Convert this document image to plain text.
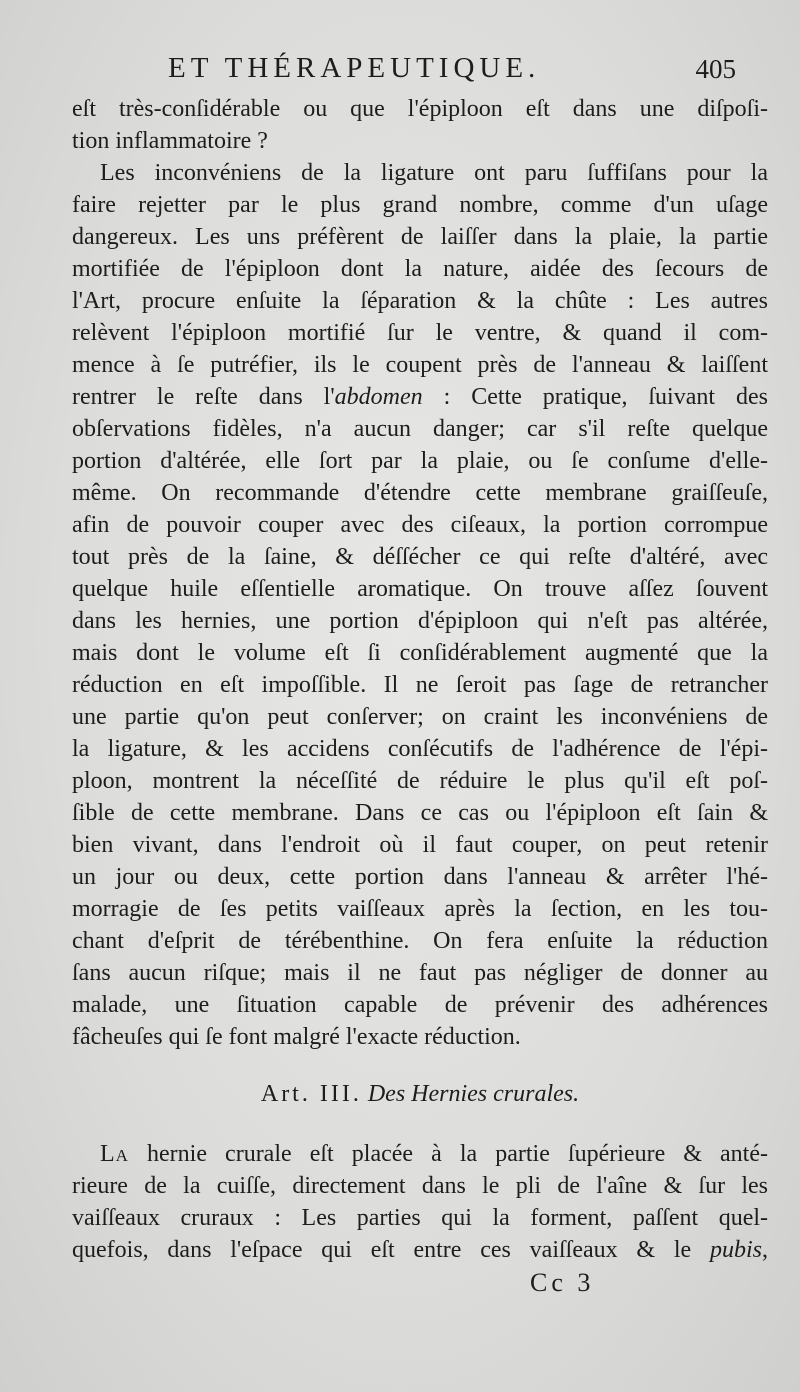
ET THÉRAPEUTIQUE.	405
eſt très-conſidérable ou que l'épiploon eſt dans une diſpoſi-
tion inflammatoire ?
Les inconvéniens de la ligature ont paru ſuffiſans pour la
faire rejetter par le plus grand nombre, comme d'un uſage
dangereux. Les uns préfèrent de laiſſer dans la plaie, la partie
mortifiée de l'épiploon dont la nature, aidée des ſecours de
l'Art, procure enſuite la ſéparation & la chûte : Les autres
relèvent l'épiploon mortifié ſur le ventre, & quand il com-
mence à ſe putréfier, ils le coupent près de l'anneau & laiſſent
rentrer le reſte dans l'abdomen : Cette pratique, ſuivant des
obſervations fidèles, n'a aucun danger; car s'il reſte quelque
portion d'altérée, elle ſort par la plaie, ou ſe conſume d'elle-
même. On recommande d'étendre cette membrane graiſſeuſe,
afin de pouvoir couper avec des ciſeaux, la portion corrompue
tout près de la ſaine, & déſſécher ce qui reſte d'altéré, avec
quelque huile eſſentielle aromatique. On trouve aſſez ſouvent
dans les hernies, une portion d'épiploon qui n'eſt pas altérée,
mais dont le volume eſt ſi conſidérablement augmenté que la
réduction en eſt impoſſible. Il ne ſeroit pas ſage de retrancher
une partie qu'on peut conſerver; on craint les inconvéniens de
la ligature, & les accidens conſécutifs de l'adhérence de l'épi-
ploon, montrent la néceſſité de réduire le plus qu'il eſt poſ-
ſible de cette membrane. Dans ce cas ou l'épiploon eſt ſain &
bien vivant, dans l'endroit où il faut couper, on peut retenir
un jour ou deux, cette portion dans l'anneau & arrêter l'hé-
morragie de ſes petits vaiſſeaux après la ſection, en les tou-
chant d'eſprit de térébenthine. On fera enſuite la réduction
ſans aucun riſque; mais il ne faut pas négliger de donner au
malade, une ſituation capable de prévenir des adhérences
fâcheuſes qui ſe font malgré l'exacte réduction.
Art. III. Des Hernies crurales.
La hernie crurale eſt placée à la partie ſupérieure & anté-
rieure de la cuiſſe, directement dans le pli de l'aîne & ſur les
vaiſſeaux cruraux : Les parties qui la forment, paſſent quel-
quefois, dans l'eſpace qui eſt entre ces vaiſſeaux & le pubis,
Cc 3
